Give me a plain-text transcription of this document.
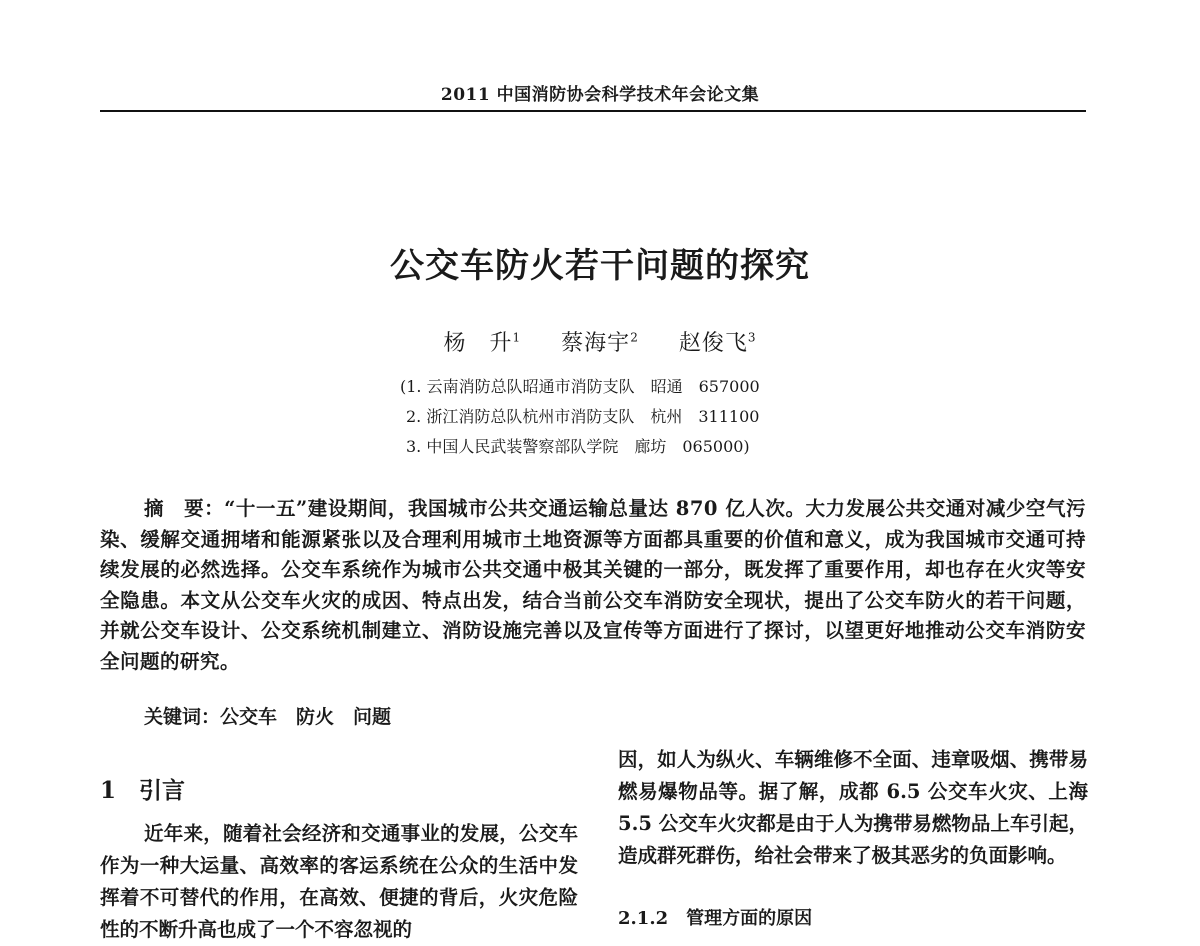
2011 中国消防协会科学技术年会论文集
公交车防火若干问题的探究
杨　升$^1$ 蔡海宇$^2$ 赵俊飞$^3$
(1. 云南消防总队昭通市消防支队　昭通　657000
2. 浙江消防总队杭州市消防支队　杭州　311100
3. 中国人民武装警察部队学院　廊坊　065000)
摘　要：“十一五”建设期间，我国城市公共交通运输总量达 870 亿人次。大力发展公共交通对减少空气污染、缓解交通拥堵和能源紧张以及合理利用城市土地资源等方面都具重要的价值和意义，成为我国城市交通可持续发展的必然选择。公交车系统作为城市公共交通中极其关键的一部分，既发挥了重要作用，却也存在火灾等安全隐患。本文从公交车火灾的成因、特点出发，结合当前公交车消防安全现状，提出了公交车防火的若干问题，并就公交车设计、公交系统机制建立、消防设施完善以及宣传等方面进行了探讨，以望更好地推动公交车消防安全问题的研究。
关键词：公交车　防火　问题
1　引言
近年来，随着社会经济和交通事业的发展，公交车作为一种大运量、高效率的客运系统在公众的生活中发挥着不可替代的作用，在高效、便捷的背后，火灾危险性的不断升高也成了一个不容忽视的
因，如人为纵火、车辆维修不全面、违章吸烟、携带易燃易爆物品等。据了解，成都 6.5 公交车火灾、上海 5.5 公交车火灾都是由于人为携带易燃物品上车引起，造成群死群伤，给社会带来了极其恶劣的负面影响。
2.1.2　管理方面的原因
